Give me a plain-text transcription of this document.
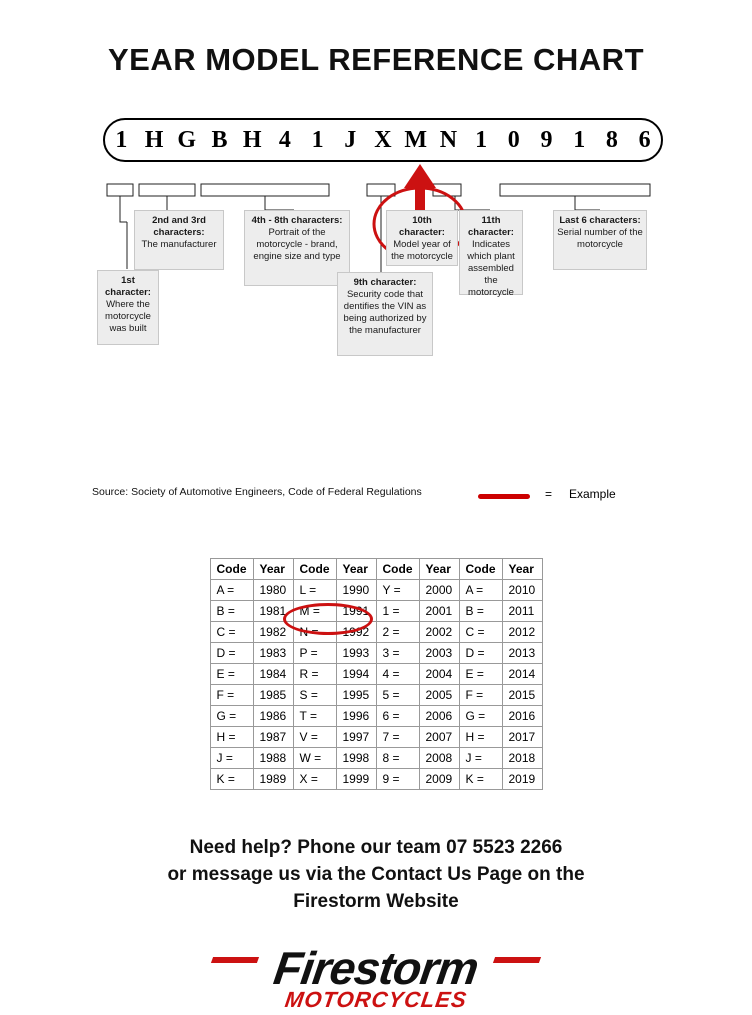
YEAR MODEL REFERENCE CHART
1 H G B H 4 1 J X M N 1 0 9 1 8 6
1st character:
Where the motorcycle was built
2nd and 3rd characters:
The manufacturer
4th - 8th characters:
Portrait of the motorcycle - brand, engine size and type
9th character:
Security code that dentifies the VIN as being authorized by the manufacturer
10th character:
Model year of the motorcycle
11th character:
Indicates which plant assembled the motorcycle
Last 6 characters:
Serial number of the motorcycle
Source: Society of Automotive Engineers, Code of Federal Regulations	= Example
Code	Year	Code	Year	Code	Year	Code	Year
A =	1980	L =	1990	Y =	2000	A =	2010
B =	1981	M =	1991	1 =	2001	B =	2011
C =	1982	N =	1992	2 =	2002	C =	2012
D =	1983	P =	1993	3 =	2003	D =	2013
E =	1984	R =	1994	4 =	2004	E =	2014
F =	1985	S =	1995	5 =	2005	F =	2015
G =	1986	T =	1996	6 =	2006	G =	2016
H =	1987	V =	1997	7 =	2007	H =	2017
J =	1988	W =	1998	8 =	2008	J =	2018
K =	1989	X =	1999	9 =	2009	K =	2019
Need help? Phone our team 07 5523 2266
or message us via the Contact Us Page on the
Firestorm Website
Firestorm
MOTORCYCLES
